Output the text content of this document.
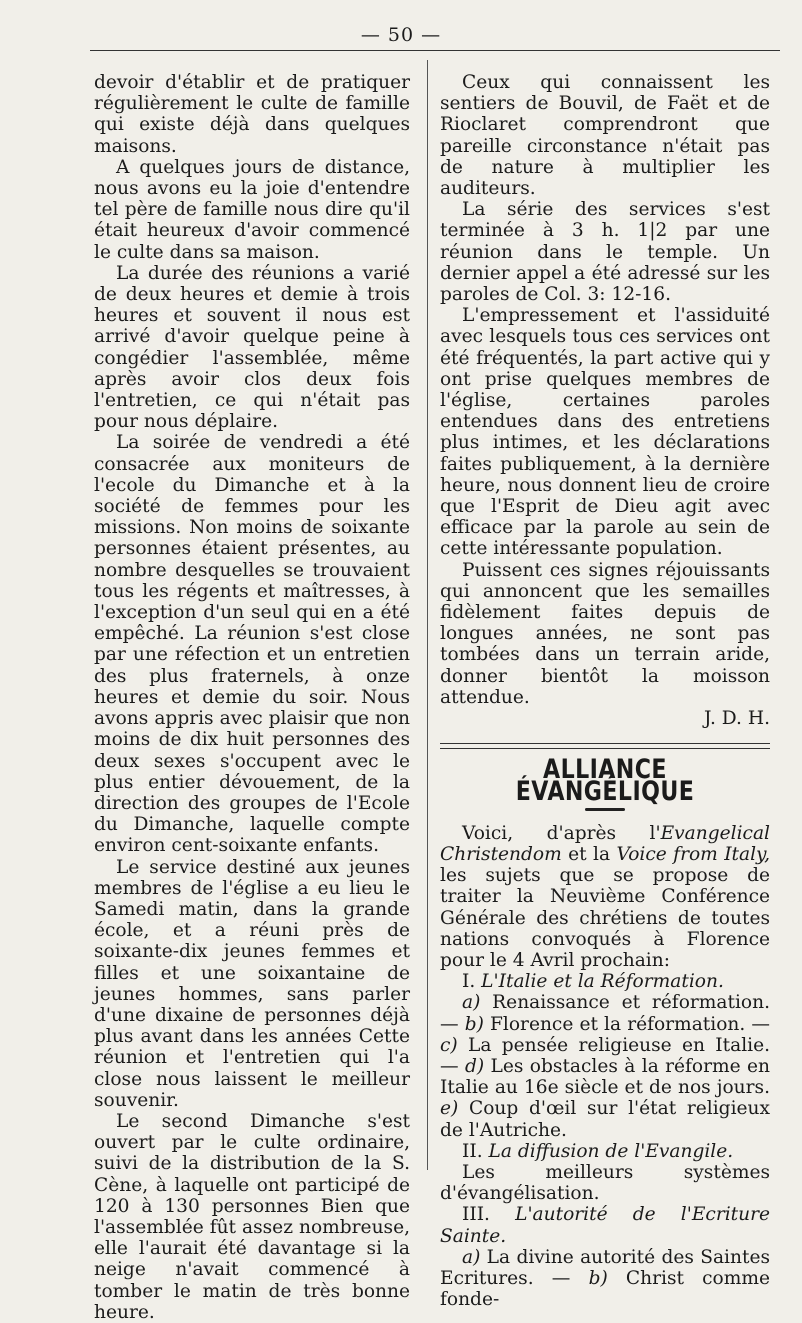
— 50 —

devoir d'établir et de pratiquer régulièrement le culte de famille qui existe déjà dans quelques maisons.

A quelques jours de distance, nous avons eu la joie d'entendre tel père de famille nous dire qu'il était heureux d'avoir commencé le culte dans sa maison.

La durée des réunions a varié de deux heures et demie à trois heures et souvent il nous est arrivé d'avoir quelque peine à congédier l'assemblée, même après avoir clos deux fois l'entretien, ce qui n'était pas pour nous déplaire.

La soirée de vendredi a été consacrée aux moniteurs de l'ecole du Dimanche et à la société de femmes pour les missions. Non moins de soixante personnes étaient présentes, au nombre desquelles se trouvaient tous les régents et maîtresses, à l'exception d'un seul qui en a été empêché. La réunion s'est close par une réfection et un entretien des plus fraternels, à onze heures et demie du soir. Nous avons appris avec plaisir que non moins de dix huit personnes des deux sexes s'occupent avec le plus entier dévouement, de la direction des groupes de l'Ecole du Dimanche, laquelle compte environ cent-soixante enfants.

Le service destiné aux jeunes membres de l'église a eu lieu le Samedi matin, dans la grande école, et a réuni près de soixante-dix jeunes femmes et filles et une soixantaine de jeunes hommes, sans parler d'une dixaine de personnes déjà plus avant dans les années Cette réunion et l'entretien qui l'a close nous laissent le meilleur souvenir.

Le second Dimanche s'est ouvert par le culte ordinaire, suivi de la distribution de la S. Cène, à laquelle ont participé de 120 à 130 personnes Bien que l'assemblée fût assez nombreuse, elle l'aurait été davantage si la neige n'avait commencé à tomber le matin de très bonne heure.

Ceux qui connaissent les sentiers de Bouvil, de Faët et de Rioclaret comprendront que pareille circonstance n'était pas de nature à multiplier les auditeurs.

La série des services s'est terminée à 3 h. 1|2 par une réunion dans le temple. Un dernier appel a été adressé sur les paroles de Col. 3: 12-16.

L'empressement et l'assiduité avec lesquels tous ces services ont été fréquentés, la part active qui y ont prise quelques membres de l'église, certaines paroles entendues dans des entretiens plus intimes, et les déclarations faites publiquement, à la dernière heure, nous donnent lieu de croire que l'Esprit de Dieu agit avec efficace par la parole au sein de cette intéressante population.

Puissent ces signes réjouissants qui annoncent que les semailles fidèlement faites depuis de longues années, ne sont pas tombées dans un terrain aride, donner bientôt la moisson attendue.

J. D. H.
ALLIANCE ÉVANGÉLIQUE

Voici, d'après l'Evangelical Christendom et la Voice from Italy, les sujets que se propose de traiter la Neuvième Conférence Générale des chrétiens de toutes nations convoqués à Florence pour le 4 Avril prochain:

I. L'Italie et la Réformation.

a) Renaissance et réformation. — b) Florence et la réformation. — c) La pensée religieuse en Italie. — d) Les obstacles à la réforme en Italie au 16e siècle et de nos jours. e) Coup d'œil sur l'état religieux de l'Autriche.

II. La diffusion de l'Evangile.

Les meilleurs systèmes d'évangélisation.

III. L'autorité de l'Ecriture Sainte.

a) La divine autorité des Saintes Ecritures. — b) Christ comme fonde-
